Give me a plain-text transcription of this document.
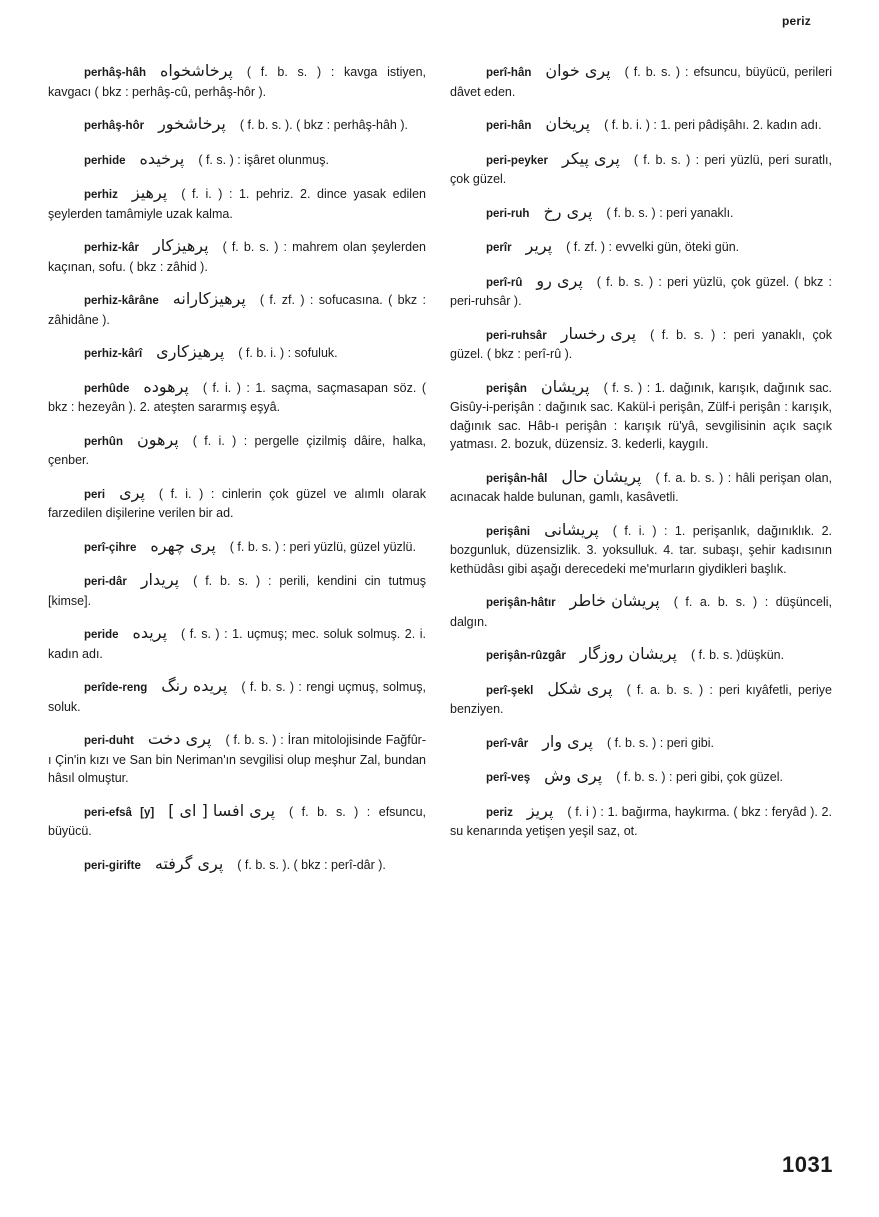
periz

perhâş-hâh پرخاشخواه ( f. b. s. ) : kavga istiyen, kavgacı ( bkz : perhâş-cû, perhâş-hôr ).

perhâş-hôr پرخاشخور ( f. b. s. ). ( bkz : perhâş-hâh ).

perhide پرخیده ( f. s. ) : işâret olunmuş.

perhiz پرهیز ( f. i. ) : 1. pehriz. 2. dince yasak edilen şeylerden tamâmiyle uzak kalma.

perhiz-kâr پرهیزکار ( f. b. s. ) : mahrem olan şeylerden kaçınan, sofu. ( bkz : zâhid ).

perhiz-kârâne پرهیزکارانه ( f. zf. ) : sofucasına. ( bkz : zâhidâne ).

perhiz-kârî پرهیزکاری ( f. b. i. ) : sofuluk.

perhûde پرهوده ( f. i. ) : 1. saçma, saçmasapan söz. ( bkz : hezeyân ). 2. ateşten sararmış eşyâ.

perhûn پرهون ( f. i. ) : pergelle çizilmiş dâire, halka, çenber.

peri پری ( f. i. ) : cinlerin çok güzel ve alımlı olarak farzedilen dişilerine verilen bir ad.

perî-çihre پری چهره ( f. b. s. ) : peri yüzlü, güzel yüzlü.

peri-dâr پریدار ( f. b. s. ) : perili, kendini cin tutmuş [kimse].

peride پریده ( f. s. ) : 1. uçmuş; mec. soluk solmuş. 2. i. kadın adı.

perîde-reng پریده رنگ ( f. b. s. ) : rengi uçmuş, solmuş, soluk.

peri-duht پری دخت ( f. b. s. ) : İran mitolojisinde Fağfûr-ı Çin'in kızı ve San bin Neriman'ın sevgilisi olup meşhur Zal, bundan hâsıl olmuştur.

peri-efsâ [y] پری افسا [ ای ] ( f. b. s. ) : efsuncu, büyücü.

peri-girifte پری گرفته ( f. b. s. ). ( bkz : perî-dâr ).

perî-hân پری خوان ( f. b. s. ) : efsuncu, büyücü, perileri dâvet eden.

peri-hân پریخان ( f. b. i. ) : 1. peri pâdişâhı. 2. kadın adı.

peri-peyker پری پیکر ( f. b. s. ) : peri yüzlü, peri suratlı, çok güzel.

peri-ruh پری رخ ( f. b. s. ) : peri yanaklı.

perîr پریر ( f. zf. ) : evvelki gün, öteki gün.

perî-rû پری رو ( f. b. s. ) : peri yüzlü, çok güzel. ( bkz : peri-ruhsâr ).

peri-ruhsâr پری رخسار ( f. b. s. ) : peri yanaklı, çok güzel. ( bkz : perî-rû ).

perişân پریشان ( f. s. ) : 1. dağınık, karışık, dağınık sac. Gisûy-i-perişân : dağınık sac. Kakül-i perişân, Zülf-i perişân : karışık, dağınık sac. Hâb-ı perişân : karışık rü'yâ, sevgilisinin açık saçık yatması. 2. bozuk, düzensiz. 3. kederli, kaygılı.

perişân-hâl پریشان حال ( f. a. b. s. ) : hâli perişan olan, acınacak halde bulunan, gamlı, kasâvetli.

perişâni پریشانی ( f. i. ) : 1. perişanlık, dağınıklık. 2. bozgunluk, düzensizlik. 3. yoksulluk. 4. tar. subaşı, şehir kadısının kethüdâsı gibi aşağı derecedeki me'murların giydikleri başlık.

perişân-hâtır پریشان خاطر ( f. a. b. s. ) : düşünceli, dalgın.

perişân-rûzgâr پریشان روزگار ( f. b. s. )düşkün.

perî-şekl پری شکل ( f. a. b. s. ) : peri kıyâfetli, periye benziyen.

perî-vâr پری وار ( f. b. s. ) : peri gibi.

perî-veş پری وش ( f. b. s. ) : peri gibi, çok güzel.

periz پریز ( f. i ) : 1. bağırma, haykırma. ( bkz : feryâd ). 2. su kenarında yetişen yeşil saz, ot.

1031
